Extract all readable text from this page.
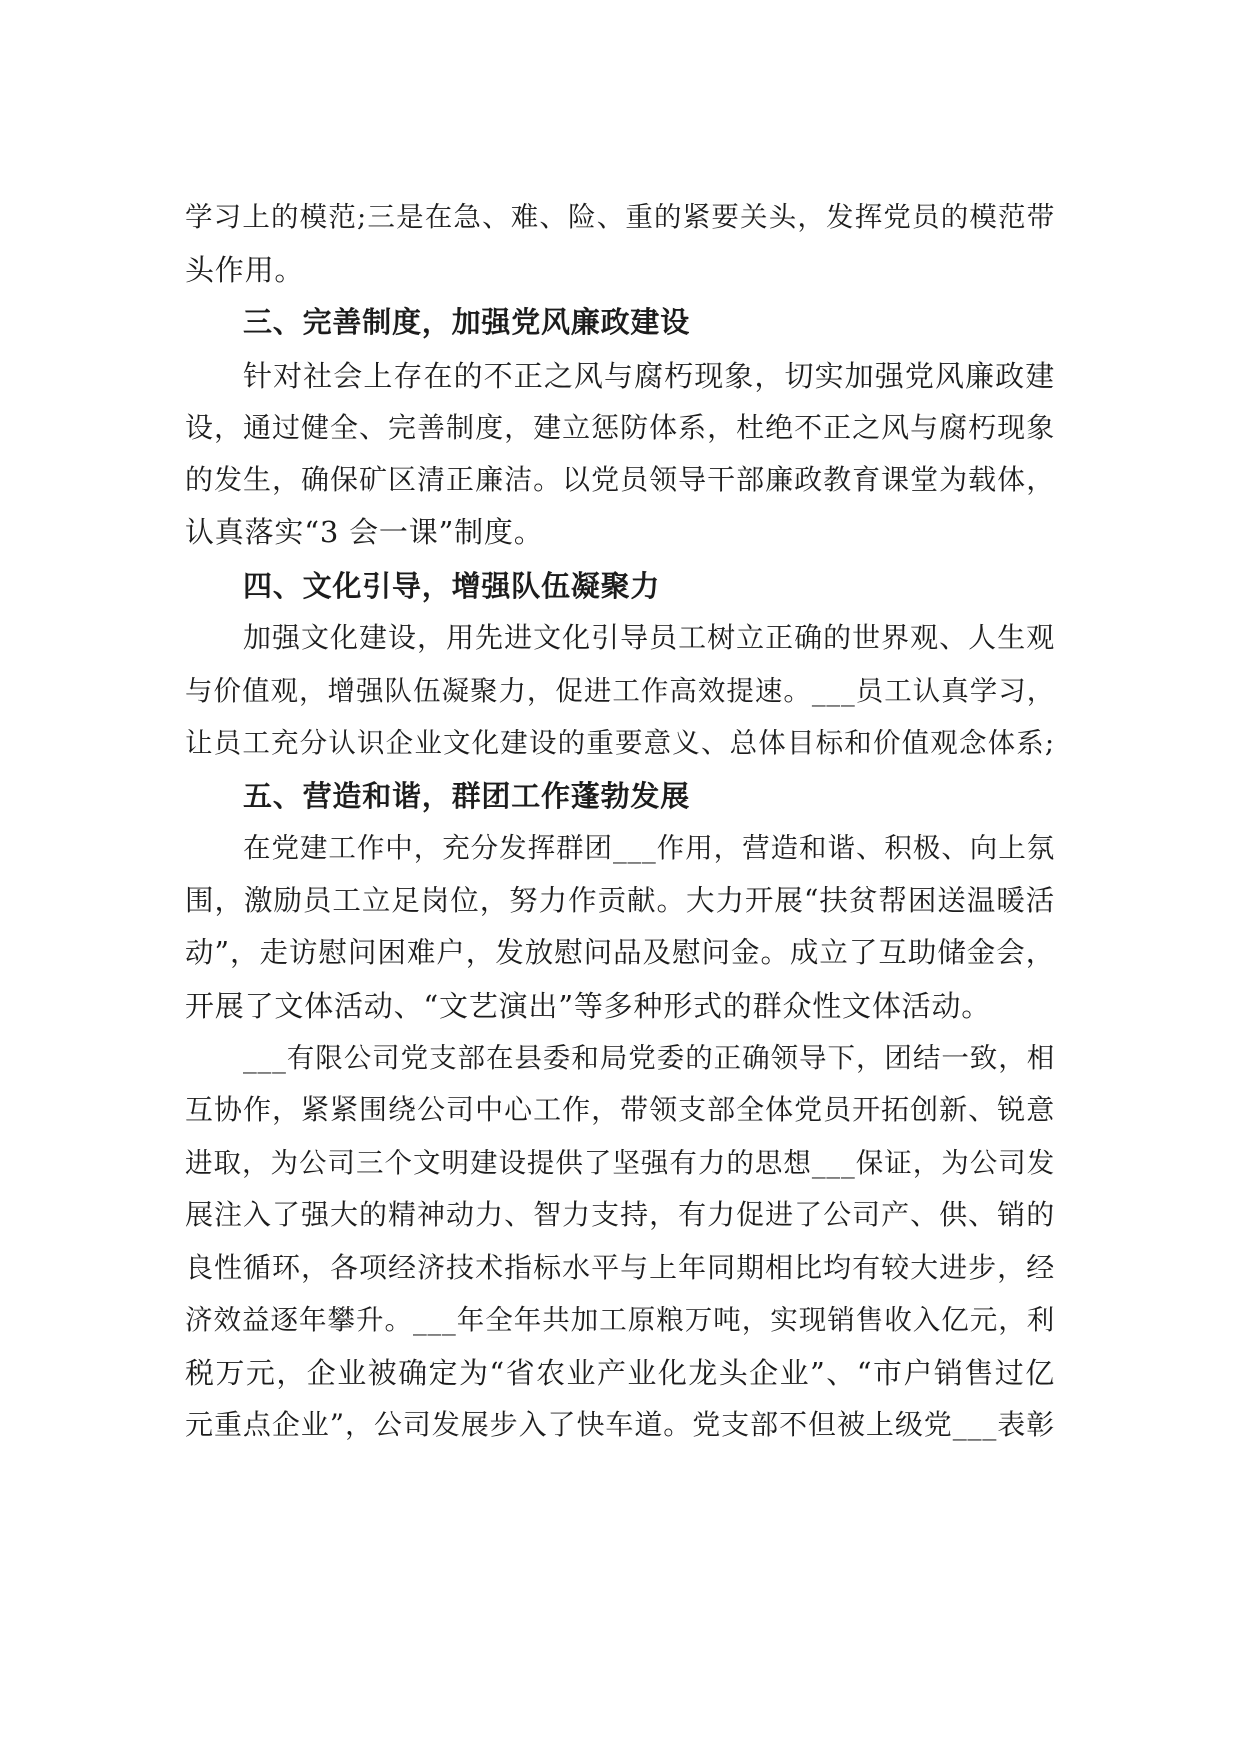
学习上的模范;三是在急、难、险、重的紧要关头，发挥党员的模范带
头作用。
三、完善制度，加强党风廉政建设
针对社会上存在的不正之风与腐朽现象，切实加强党风廉政建
设，通过健全、完善制度，建立惩防体系，杜绝不正之风与腐朽现象
的发生，确保矿区清正廉洁。以党员领导干部廉政教育课堂为载体，
认真落实“3 会一课”制度。
四、文化引导，增强队伍凝聚力
加强文化建设，用先进文化引导员工树立正确的世界观、人生观
与价值观，增强队伍凝聚力，促进工作高效提速。___员工认真学习，
让员工充分认识企业文化建设的重要意义、总体目标和价值观念体系;
五、营造和谐，群团工作蓬勃发展
在党建工作中，充分发挥群团___作用，营造和谐、积极、向上氛
围，激励员工立足岗位，努力作贡献。大力开展“扶贫帮困送温暖活
动”，走访慰问困难户，发放慰问品及慰问金。成立了互助储金会，
开展了文体活动、“文艺演出”等多种形式的群众性文体活动。
___有限公司党支部在县委和局党委的正确领导下，团结一致，相
互协作，紧紧围绕公司中心工作，带领支部全体党员开拓创新、锐意
进取，为公司三个文明建设提供了坚强有力的思想___保证，为公司发
展注入了强大的精神动力、智力支持，有力促进了公司产、供、销的
良性循环，各项经济技术指标水平与上年同期相比均有较大进步，经
济效益逐年攀升。___年全年共加工原粮万吨，实现销售收入亿元，利
税万元，企业被确定为“省农业产业化龙头企业”、“市户销售过亿
元重点企业”，公司发展步入了快车道。党支部不但被上级党___表彰
